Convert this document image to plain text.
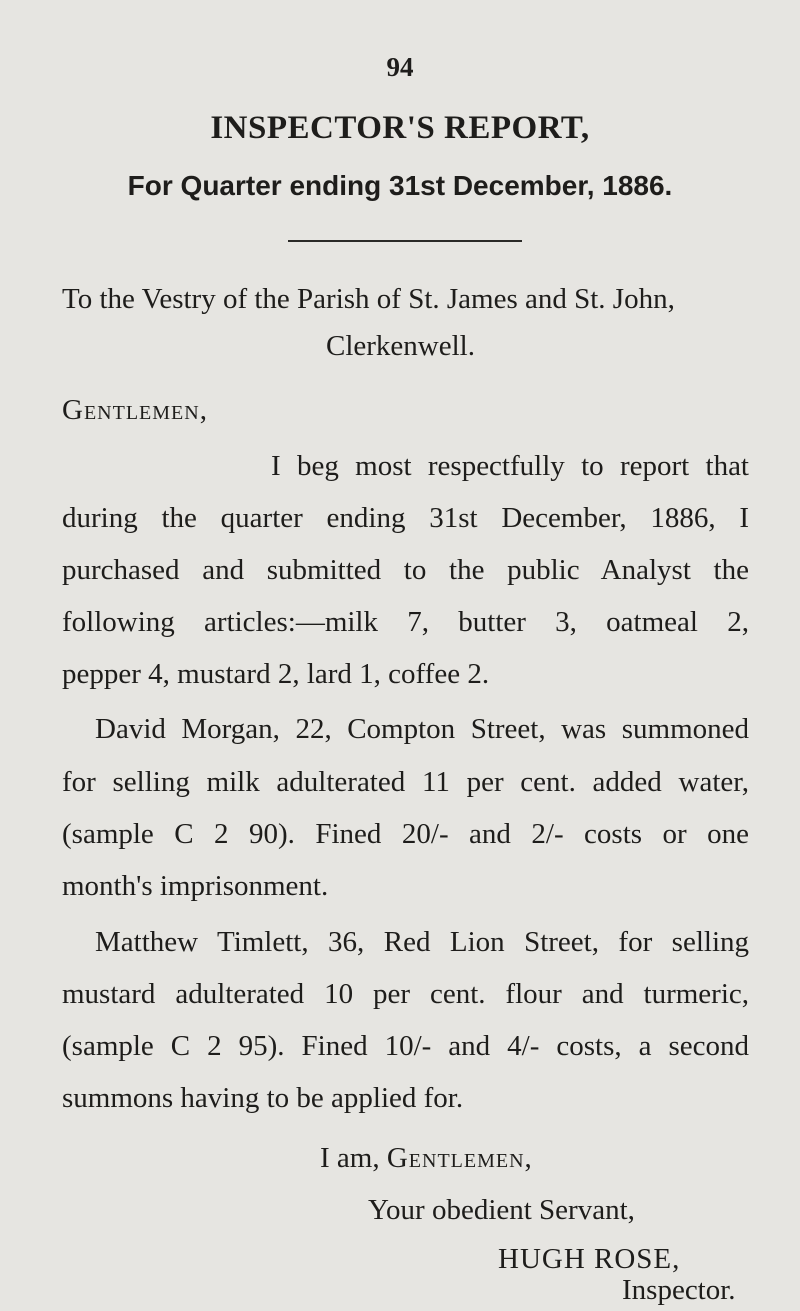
94
INSPECTOR'S REPORT,
For Quarter ending 31st December, 1886.
To the Vestry of the Parish of St. James and St. John,
Clerkenwell.
Gentlemen,
I beg most respectfully to report that
during the quarter ending 31st December, 1886, I
purchased and submitted to the public Analyst the
following articles:—milk 7, butter 3, oatmeal 2,
pepper 4, mustard 2, lard 1, coffee 2.
David Morgan, 22, Compton Street, was summoned
for selling milk adulterated 11 per cent. added water,
(sample C 2 90). Fined 20/- and 2/- costs or one
month's imprisonment.
Matthew Timlett, 36, Red Lion Street, for selling
mustard adulterated 10 per cent. flour and turmeric,
(sample C 2 95). Fined 10/- and 4/- costs, a second
summons having to be applied for.
I am, Gentlemen,
Your obedient Servant,
HUGH ROSE,
Inspector.
